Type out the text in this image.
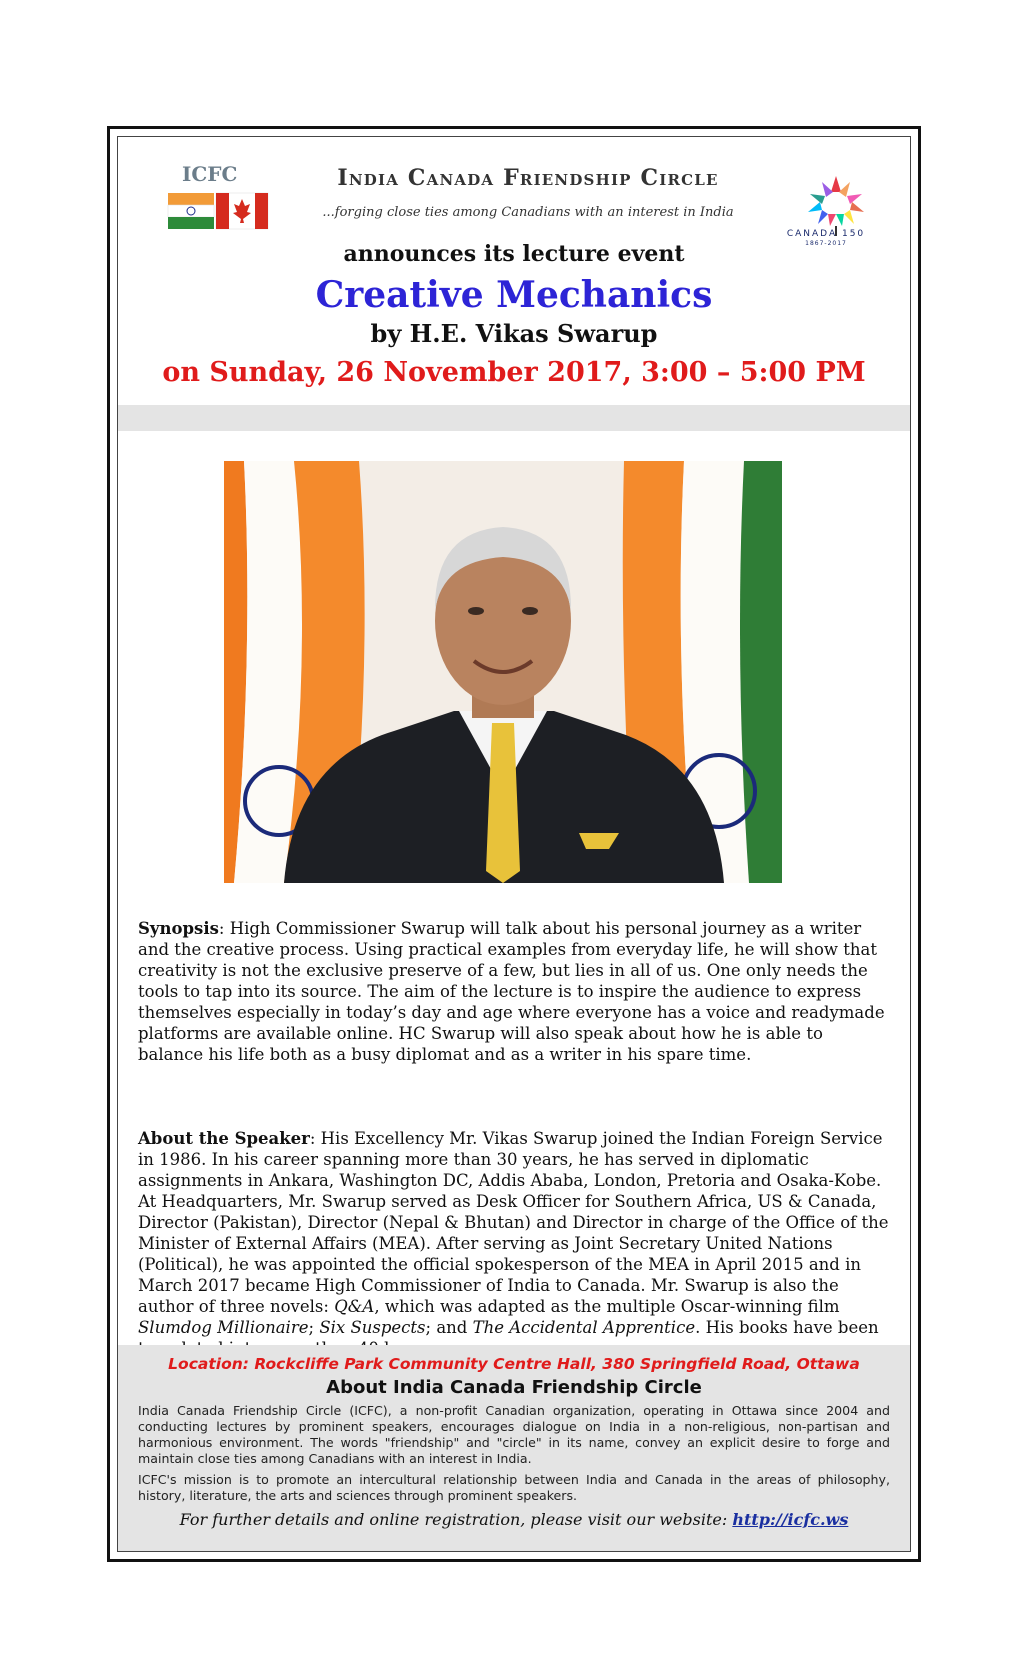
ICFC	India Canada Friendship Circle
...forging close ties among Canadians with an interest in India
CANADA 150
1867-2017
announces its lecture event
Creative Mechanics
by H.E. Vikas Swarup
on Sunday, 26 November 2017, 3:00 – 5:00 PM
Synopsis: High Commissioner Swarup will talk about his personal journey as a writer and the creative process. Using practical examples from everyday life, he will show that creativity is not the exclusive preserve of a few, but lies in all of us. One only needs the tools to tap into its source. The aim of the lecture is to inspire the audience to express themselves especially in today’s day and age where everyone has a voice and readymade platforms are available online. HC Swarup will also speak about how he is able to balance his life both as a busy diplomat and as a writer in his spare time.
About the Speaker: His Excellency Mr. Vikas Swarup joined the Indian Foreign Service in 1986. In his career spanning more than 30 years, he has served in diplomatic assignments in Ankara, Washington DC, Addis Ababa, London, Pretoria and Osaka-Kobe. At Headquarters, Mr. Swarup served as Desk Officer for Southern Africa, US & Canada, Director (Pakistan), Director (Nepal & Bhutan) and Director in charge of the Office of the Minister of External Affairs (MEA). After serving as Joint Secretary United Nations (Political), he was appointed the official spokesperson of the MEA in April 2015 and in March 2017 became High Commissioner of India to Canada. Mr. Swarup is also the author of three novels: Q&A, which was adapted as the multiple Oscar-winning film Slumdog Millionaire; Six Suspects; and The Accidental Apprentice. His books have been
Location: Rockcliffe Park Community Centre Hall, 380 Springfield Road, Ottawa
About India Canada Friendship Circle
India Canada Friendship Circle (ICFC), a non-profit Canadian organization, operating in Ottawa since 2004 and conducting lectures by prominent speakers, encourages dialogue on India in a non-religious, non-partisan and harmonious environment. The words "friendship" and "circle" in its name, convey an explicit desire to forge and maintain close ties among Canadians with an interest in India.
ICFC's mission is to promote an intercultural relationship between India and Canada in the areas of philosophy, history, literature, the arts and sciences through prominent speakers.
For further details and online registration, please visit our website: http://icfc.ws
